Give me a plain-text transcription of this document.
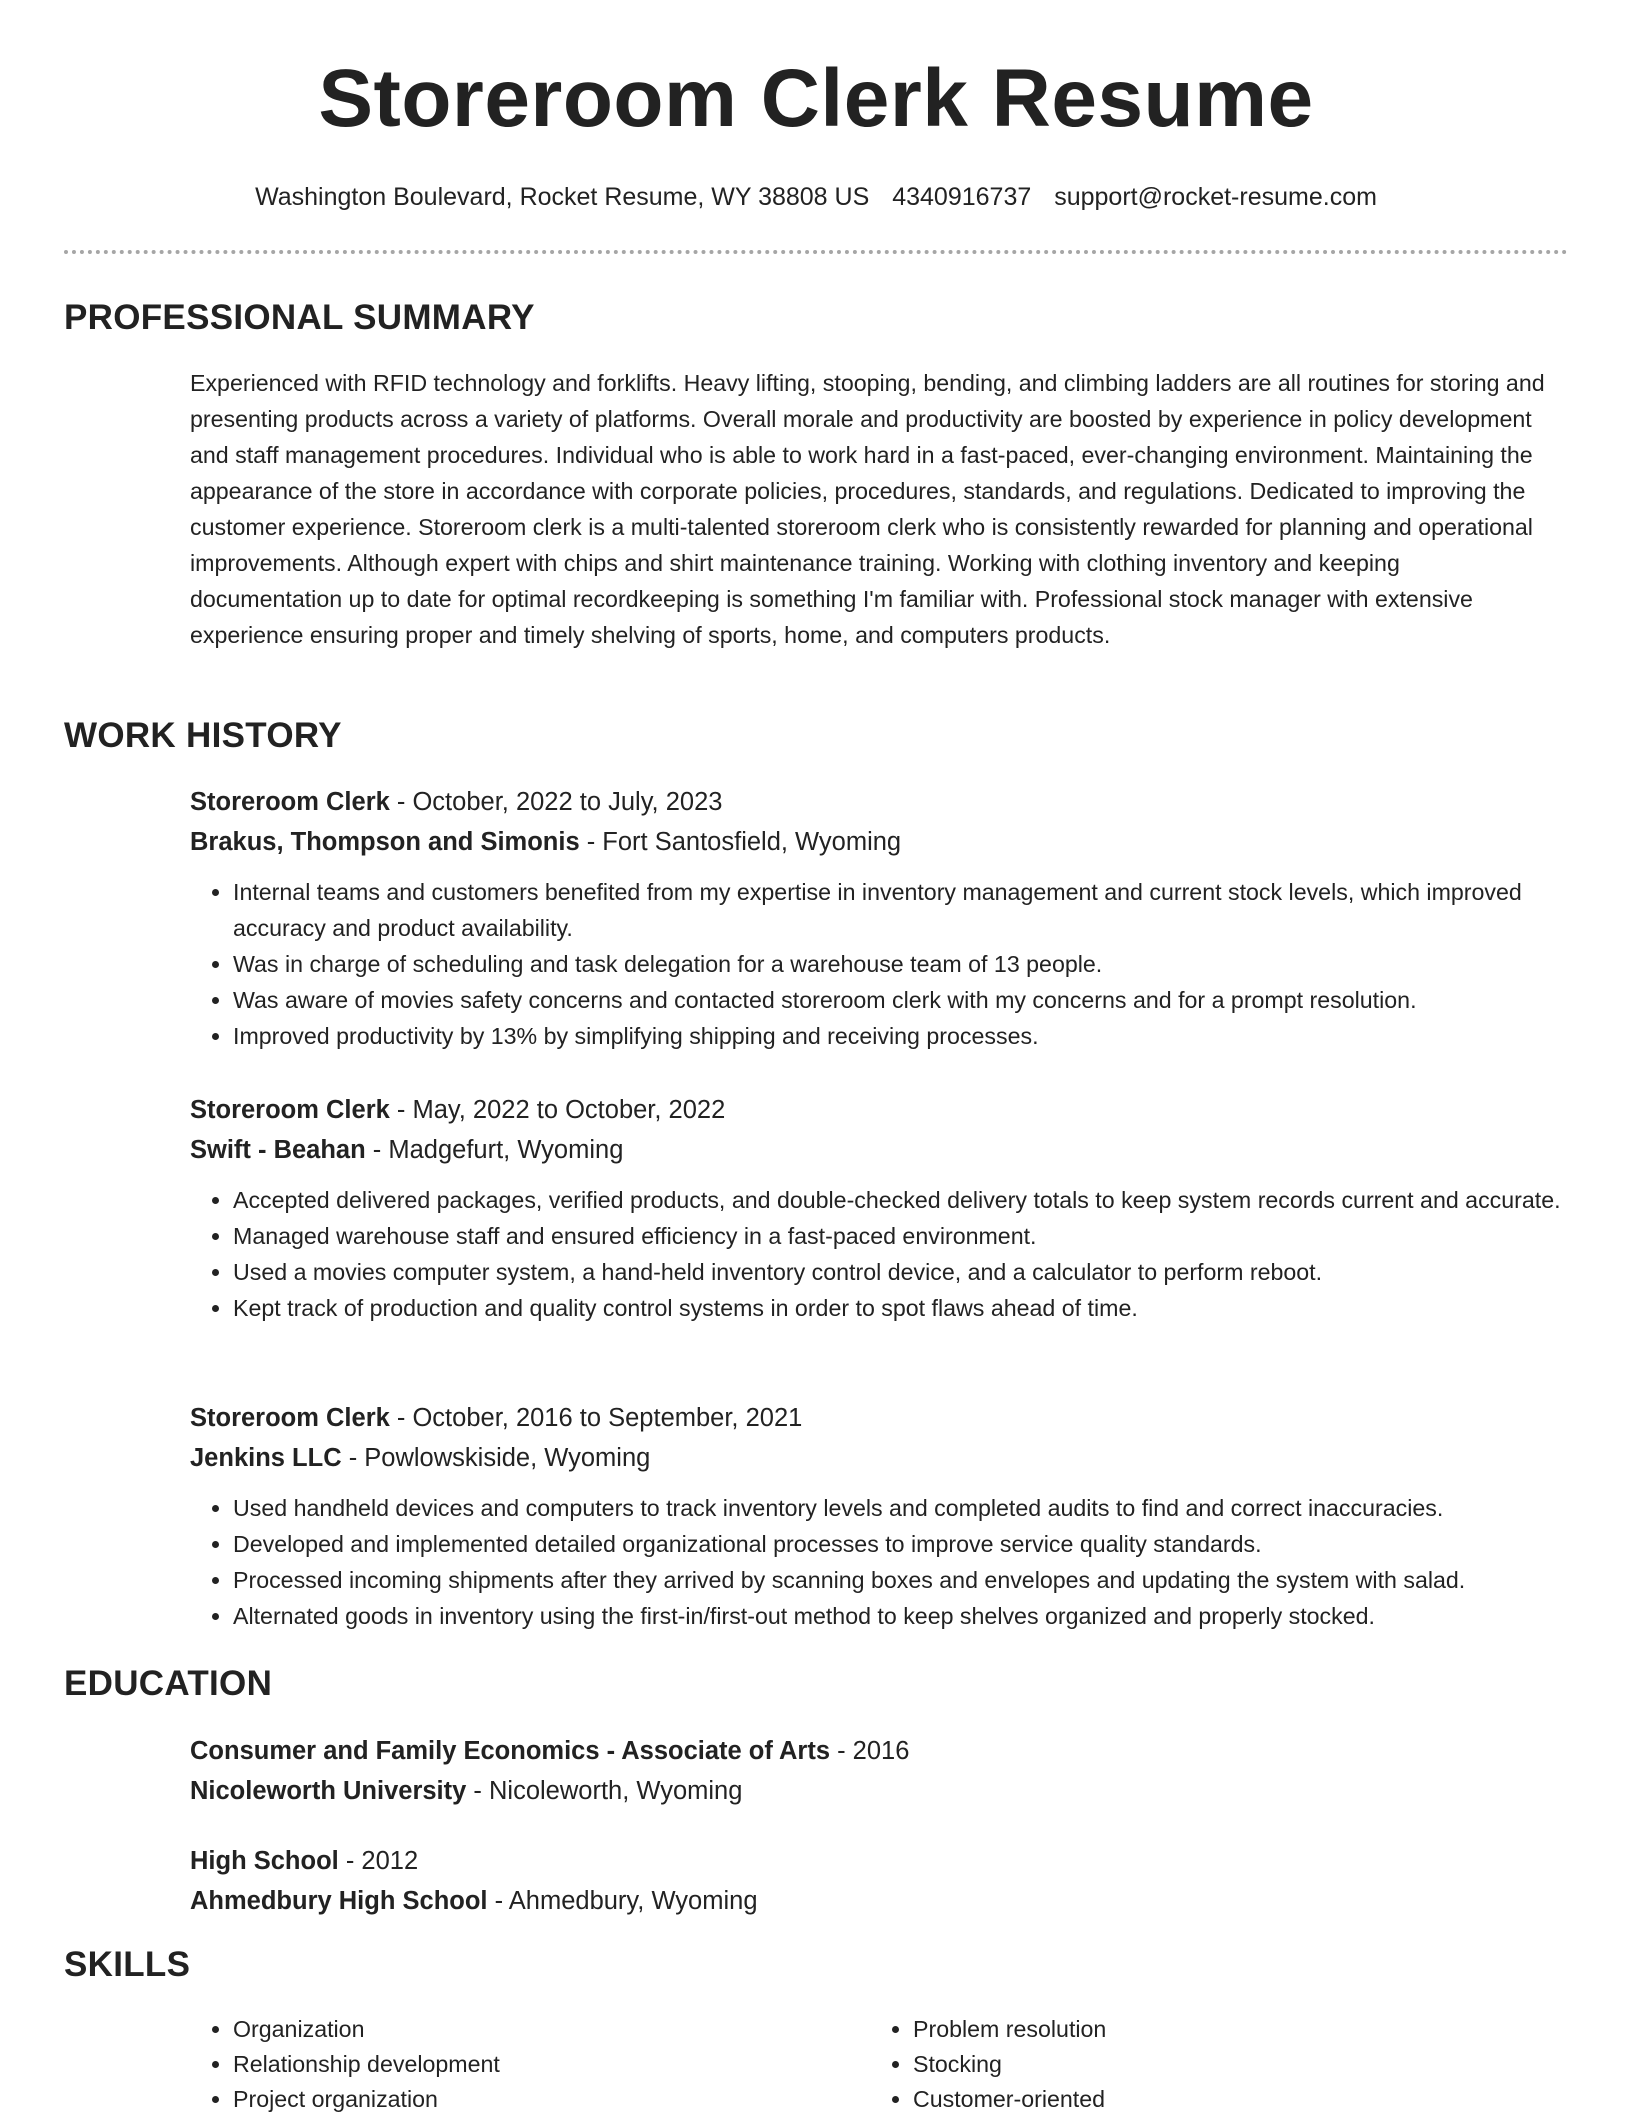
Storeroom Clerk Resume
Washington Boulevard, Rocket Resume, WY 38808 US 4340916737 support@rocket-resume.com
PROFESSIONAL SUMMARY

Experienced with RFID technology and forklifts. Heavy lifting, stooping, bending, and climbing ladders are all routines for storing and presenting products across a variety of platforms. Overall morale and productivity are boosted by experience in policy development and staff management procedures. Individual who is able to work hard in a fast-paced, ever-changing environment. Maintaining the appearance of the store in accordance with corporate policies, procedures, standards, and regulations. Dedicated to improving the customer experience. Storeroom clerk is a multi-talented storeroom clerk who is consistently rewarded for planning and operational improvements. Although expert with chips and shirt maintenance training. Working with clothing inventory and keeping documentation up to date for optimal recordkeeping is something I'm familiar with. Professional stock manager with extensive experience ensuring proper and timely shelving of sports, home, and computers products.

WORK HISTORY
Storeroom Clerk - October, 2022 to July, 2023
Brakus, Thompson and Simonis - Fort Santosfield, Wyoming
• Internal teams and customers benefited from my expertise in inventory management and current stock levels, which improved accuracy and product availability.
• Was in charge of scheduling and task delegation for a warehouse team of 13 people.
• Was aware of movies safety concerns and contacted storeroom clerk with my concerns and for a prompt resolution.
• Improved productivity by 13% by simplifying shipping and receiving processes.
Storeroom Clerk - May, 2022 to October, 2022
Swift - Beahan - Madgefurt, Wyoming
• Accepted delivered packages, verified products, and double-checked delivery totals to keep system records current and accurate.
• Managed warehouse staff and ensured efficiency in a fast-paced environment.
• Used a movies computer system, a hand-held inventory control device, and a calculator to perform reboot.
• Kept track of production and quality control systems in order to spot flaws ahead of time.
Storeroom Clerk - October, 2016 to September, 2021
Jenkins LLC - Powlowskiside, Wyoming
• Used handheld devices and computers to track inventory levels and completed audits to find and correct inaccuracies.
• Developed and implemented detailed organizational processes to improve service quality standards.
• Processed incoming shipments after they arrived by scanning boxes and envelopes and updating the system with salad.
• Alternated goods in inventory using the first-in/first-out method to keep shelves organized and properly stocked.
EDUCATION
Consumer and Family Economics - Associate of Arts - 2016
Nicoleworth University - Nicoleworth, Wyoming
High School - 2012
Ahmedbury High School - Ahmedbury, Wyoming
SKILLS
• Organization
• Relationship development
• Project organization
• Problem resolution
• Stocking
• Customer-oriented
